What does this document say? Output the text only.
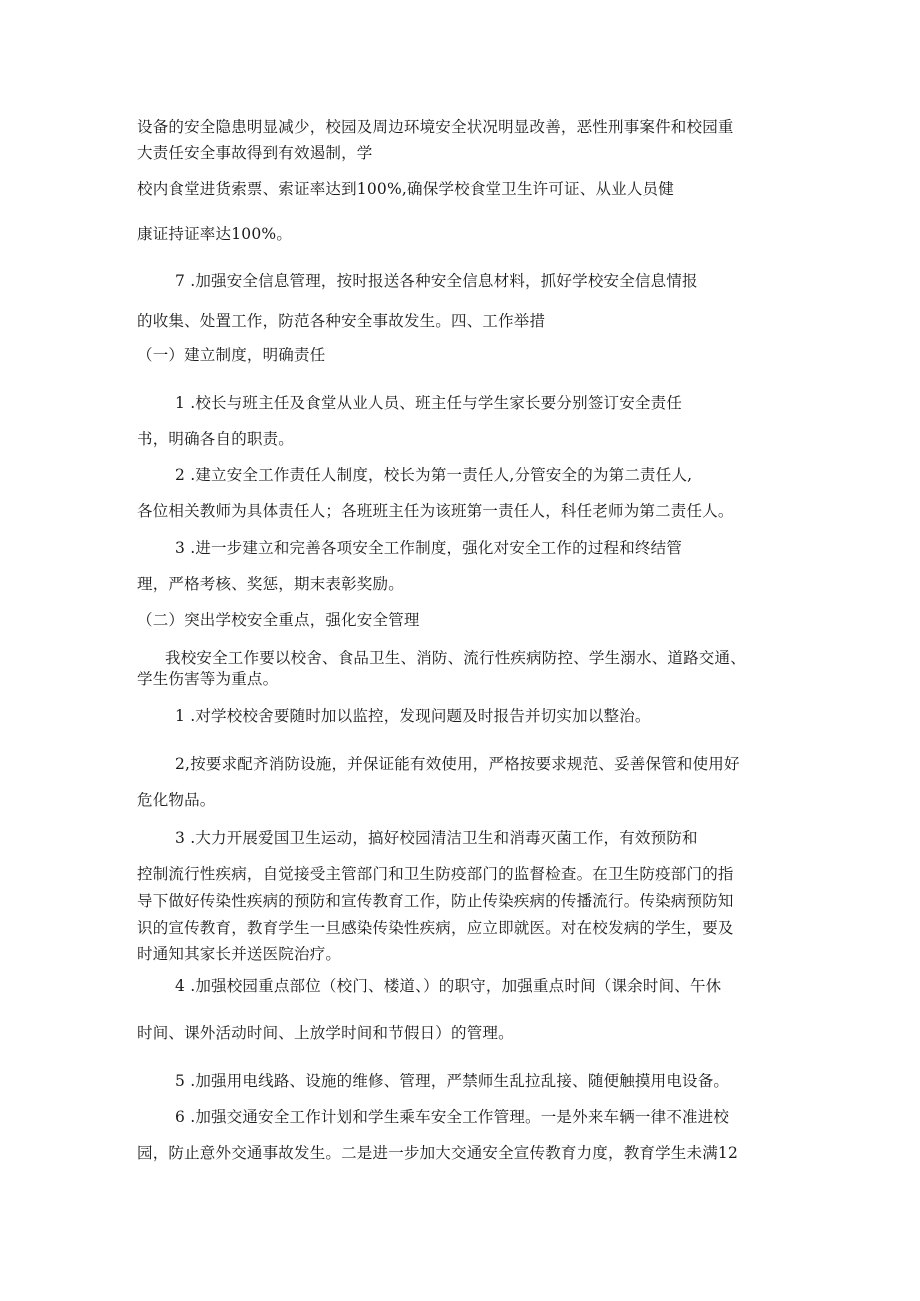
设备的安全隐患明显减少，校园及周边环境安全状况明显改善，恶性刑事案件和校园重
大责任安全事故得到有效遏制，学
校内食堂进货索票、索证率达到100%,确保学校食堂卫生许可证、从业人员健
康证持证率达100%。
7 .加强安全信息管理，按时报送各种安全信息材料，抓好学校安全信息情报
的收集、处置工作，防范各种安全事故发生。四、工作举措
（一）建立制度，明确责任
1 .校长与班主任及食堂从业人员、班主任与学生家长要分别签订安全责任
书，明确各自的职责。
2 .建立安全工作责任人制度，校长为第一责任人,分管安全的为第二责任人,
各位相关教师为具体责任人；各班班主任为该班第一责任人，科任老师为第二责任人。
3 .进一步建立和完善各项安全工作制度，强化对安全工作的过程和终结管
理，严格考核、奖惩，期末表彰奖励。
（二）突出学校安全重点，强化安全管理
我校安全工作要以校舍、食品卫生、消防、流行性疾病防控、学生溺水、道路交通、
学生伤害等为重点。
1 .对学校校舍要随时加以监控，发现问题及时报告并切实加以整治。
2,按要求配齐消防设施，并保证能有效使用，严格按要求规范、妥善保管和使用好
危化物品。
3 .大力开展爱国卫生运动，搞好校园清洁卫生和消毒灭菌工作，有效预防和
控制流行性疾病，自觉接受主管部门和卫生防疫部门的监督检查。在卫生防疫部门的指
导下做好传染性疾病的预防和宣传教育工作，防止传染疾病的传播流行。传染病预防知
识的宣传教育，教育学生一旦感染传染性疾病，应立即就医。对在校发病的学生，要及
时通知其家长并送医院治疗。
4 .加强校园重点部位（校门、楼道、）的职守，加强重点时间（课余时间、午休
时间、课外活动时间、上放学时间和节假日）的管理。
5 .加强用电线路、设施的维修、管理，严禁师生乱拉乱接、随便触摸用电设备。
6 .加强交通安全工作计划和学生乘车安全工作管理。一是外来车辆一律不准进校
园，防止意外交通事故发生。二是进一步加大交通安全宣传教育力度，教育学生未满12
